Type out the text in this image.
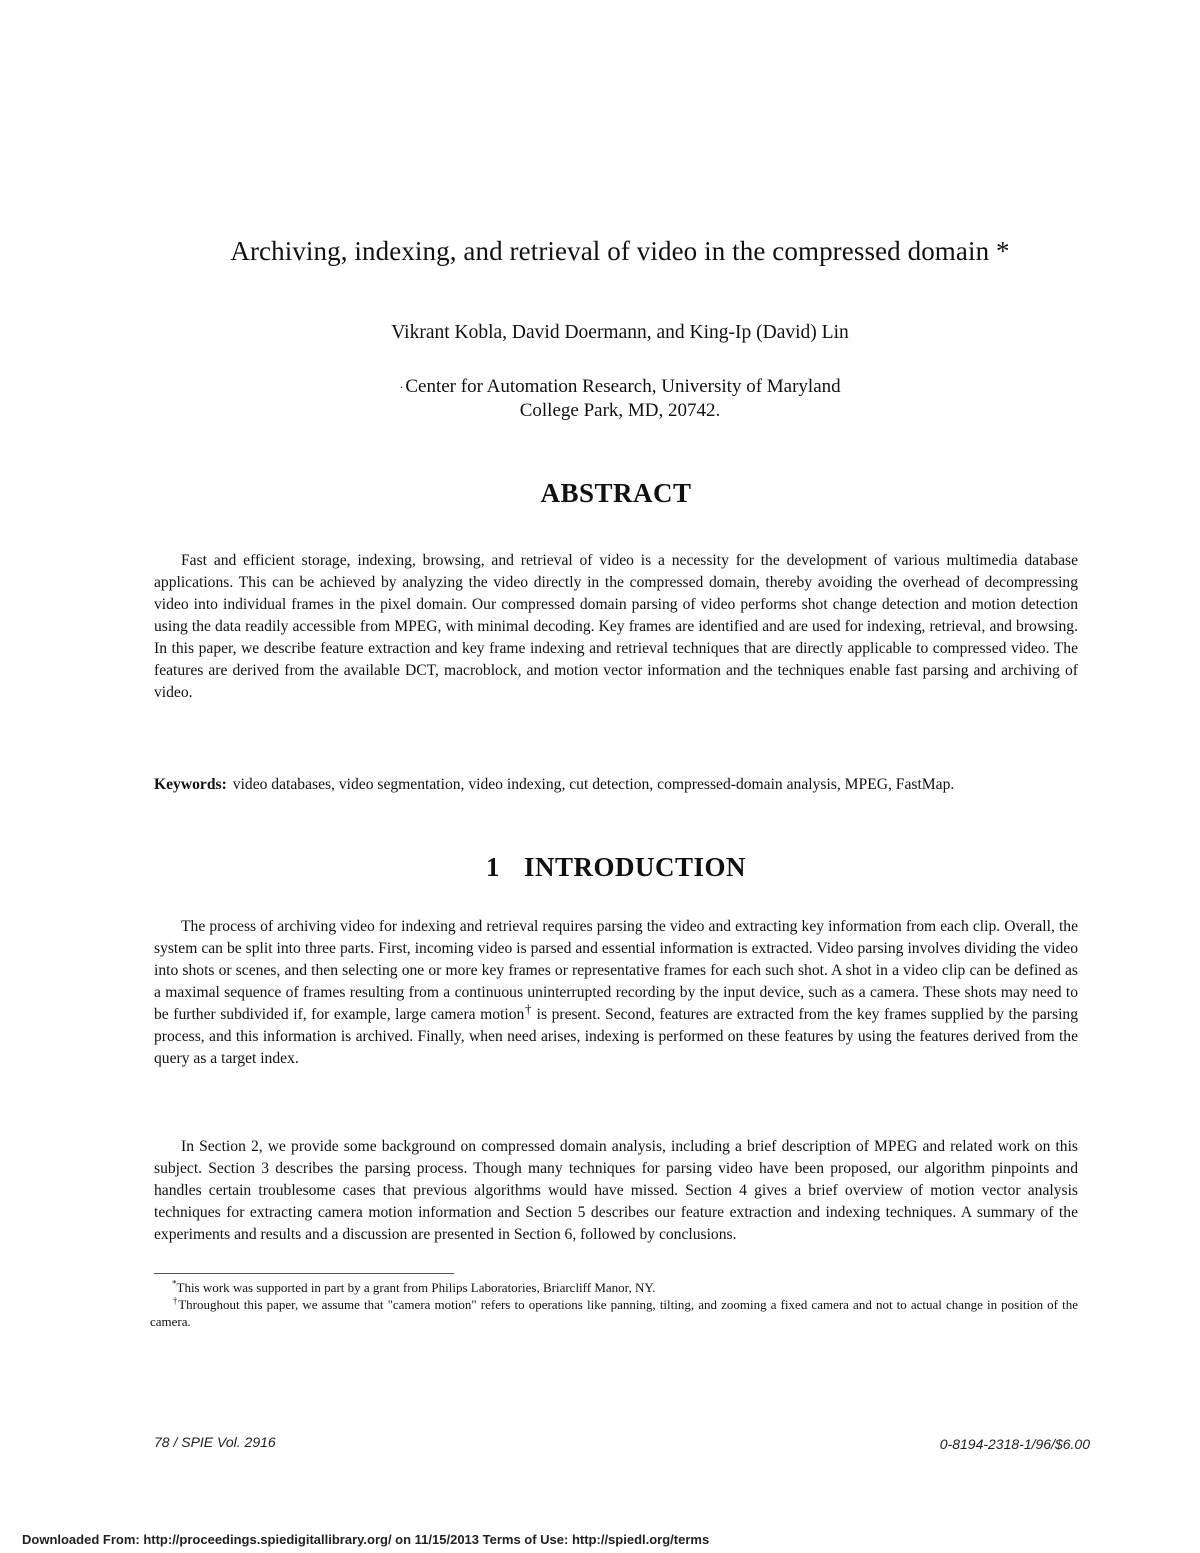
Archiving, indexing, and retrieval of video in the compressed domain *
Vikrant Kobla, David Doermann, and King-Ip (David) Lin
· Center for Automation Research, University of Maryland
College Park, MD, 20742.
ABSTRACT
Fast and efficient storage, indexing, browsing, and retrieval of video is a necessity for the development of various multimedia database applications. This can be achieved by analyzing the video directly in the compressed domain, thereby avoiding the overhead of decompressing video into individual frames in the pixel domain. Our compressed domain parsing of video performs shot change detection and motion detection using the data readily accessible from MPEG, with minimal decoding. Key frames are identified and are used for indexing, retrieval, and browsing. In this paper, we describe feature extraction and key frame indexing and retrieval techniques that are directly applicable to compressed video. The features are derived from the available DCT, macroblock, and motion vector information and the techniques enable fast parsing and archiving of video.
Keywords: video databases, video segmentation, video indexing, cut detection, compressed-domain analysis, MPEG, FastMap.
1 INTRODUCTION
The process of archiving video for indexing and retrieval requires parsing the video and extracting key information from each clip. Overall, the system can be split into three parts. First, incoming video is parsed and essential information is extracted. Video parsing involves dividing the video into shots or scenes, and then selecting one or more key frames or representative frames for each such shot. A shot in a video clip can be defined as a maximal sequence of frames resulting from a continuous uninterrupted recording by the input device, such as a camera. These shots may need to be further subdivided if, for example, large camera motion† is present. Second, features are extracted from the key frames supplied by the parsing process, and this information is archived. Finally, when need arises, indexing is performed on these features by using the features derived from the query as a target index.
In Section 2, we provide some background on compressed domain analysis, including a brief description of MPEG and related work on this subject. Section 3 describes the parsing process. Though many techniques for parsing video have been proposed, our algorithm pinpoints and handles certain troublesome cases that previous algorithms would have missed. Section 4 gives a brief overview of motion vector analysis techniques for extracting camera motion information and Section 5 describes our feature extraction and indexing techniques. A summary of the experiments and results and a discussion are presented in Section 6, followed by conclusions.
*This work was supported in part by a grant from Philips Laboratories, Briarcliff Manor, NY.
†Throughout this paper, we assume that "camera motion" refers to operations like panning, tilting, and zooming a fixed camera and not to actual change in position of the camera.
78 / SPIE Vol. 2916	0-8194-2318-1/96/$6.00
Downloaded From: http://proceedings.spiedigitallibrary.org/ on 11/15/2013 Terms of Use: http://spiedl.org/terms
